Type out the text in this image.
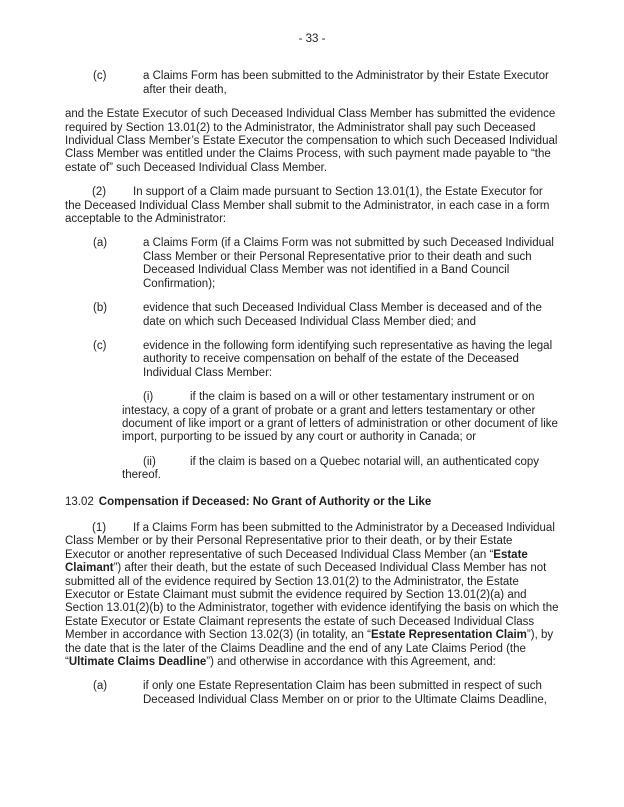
- 33 -
(c)	a Claims Form has been submitted to the Administrator by their Estate Executor after their death,
and the Estate Executor of such Deceased Individual Class Member has submitted the evidence required by Section 13.01(2) to the Administrator, the Administrator shall pay such Deceased Individual Class Member’s Estate Executor the compensation to which such Deceased Individual Class Member was entitled under the Claims Process, with such payment made payable to “the estate of” such Deceased Individual Class Member.
(2) In support of a Claim made pursuant to Section 13.01(1), the Estate Executor for the Deceased Individual Class Member shall submit to the Administrator, in each case in a form acceptable to the Administrator:
(a)	a Claims Form (if a Claims Form was not submitted by such Deceased Individual Class Member or their Personal Representative prior to their death and such Deceased Individual Class Member was not identified in a Band Council Confirmation);
(b)	evidence that such Deceased Individual Class Member is deceased and of the date on which such Deceased Individual Class Member died; and
(c)	evidence in the following form identifying such representative as having the legal authority to receive compensation on behalf of the estate of the Deceased Individual Class Member:
(i)	if the claim is based on a will or other testamentary instrument or on intestacy, a copy of a grant of probate or a grant and letters testamentary or other document of like import or a grant of letters of administration or other document of like import, purporting to be issued by any court or authority in Canada; or
(ii)	if the claim is based on a Quebec notarial will, an authenticated copy thereof.
13.02 Compensation if Deceased: No Grant of Authority or the Like
(1) If a Claims Form has been submitted to the Administrator by a Deceased Individual Class Member or by their Personal Representative prior to their death, or by their Estate Executor or another representative of such Deceased Individual Class Member (an “Estate Claimant”) after their death, but the estate of such Deceased Individual Class Member has not submitted all of the evidence required by Section 13.01(2) to the Administrator, the Estate Executor or Estate Claimant must submit the evidence required by Section 13.01(2)(a) and Section 13.01(2)(b) to the Administrator, together with evidence identifying the basis on which the Estate Executor or Estate Claimant represents the estate of such Deceased Individual Class Member in accordance with Section 13.02(3) (in totality, an “Estate Representation Claim”), by the date that is the later of the Claims Deadline and the end of any Late Claims Period (the “Ultimate Claims Deadline”) and otherwise in accordance with this Agreement, and:
(a)	if only one Estate Representation Claim has been submitted in respect of such Deceased Individual Class Member on or prior to the Ultimate Claims Deadline,
